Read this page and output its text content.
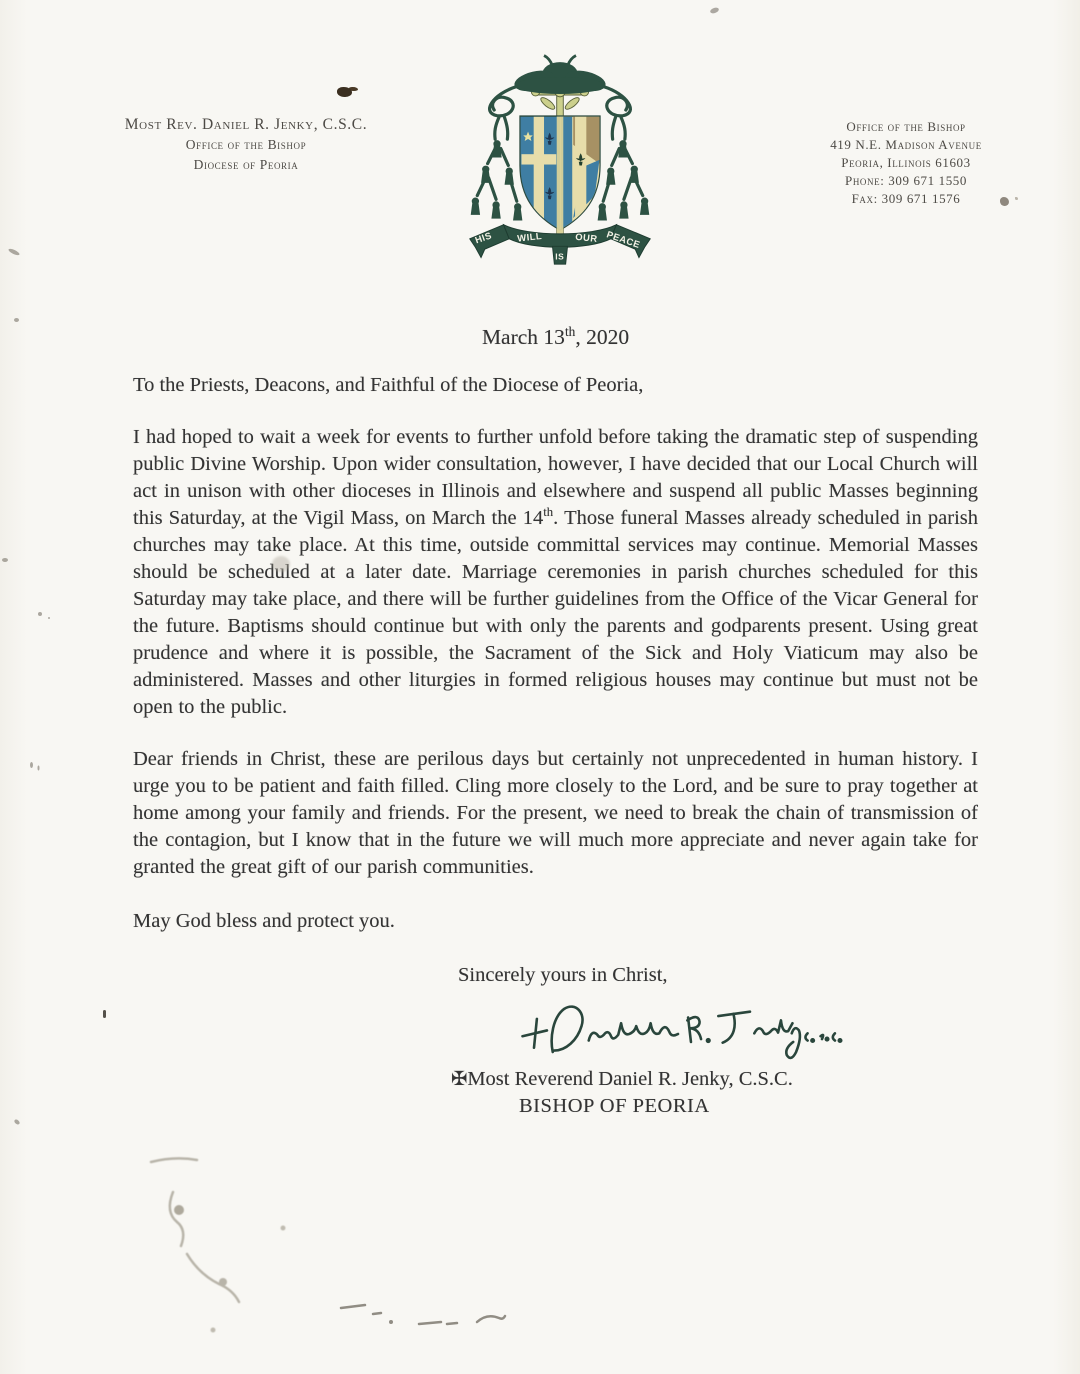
Most Rev. Daniel R. Jenky, C.S.C.
Office of the Bishop
Diocese of Peoria
HIS WILL
IS
OUR PEACE
Office of the Bishop
419 N.E. Madison Avenue
Peoria, Illinois 61603
Phone: 309 671 1550
Fax: 309 671 1576
March 13th, 2020
To the Priests, Deacons, and Faithful of the Diocese of Peoria,
I had hoped to wait a week for events to further unfold before taking the dramatic step of suspending public Divine Worship. Upon wider consultation, however, I have decided that our Local Church will act in unison with other dioceses in Illinois and elsewhere and suspend all public Masses beginning this Saturday, at the Vigil Mass, on March the 14th. Those funeral Masses already scheduled in parish churches may take place. At this time, outside committal services may continue. Memorial Masses should be scheduled at a later date. Marriage ceremonies in parish churches scheduled for this Saturday may take place, and there will be further guidelines from the Office of the Vicar General for the future. Baptisms should continue but with only the parents and godparents present. Using great prudence and where it is possible, the Sacrament of the Sick and Holy Viaticum may also be administered. Masses and other liturgies in formed religious houses may continue but must not be open to the public.
Dear friends in Christ, these are perilous days but certainly not unprecedented in human history. I urge you to be patient and faith filled. Cling more closely to the Lord, and be sure to pray together at home among your family and friends. For the present, we need to break the chain of transmission of the contagion, but I know that in the future we will much more appreciate and never again take for granted the great gift of our parish communities.
May God bless and protect you.
Sincerely yours in Christ,
✠Most Reverend Daniel R. Jenky, C.S.C.
BISHOP OF PEORIA
